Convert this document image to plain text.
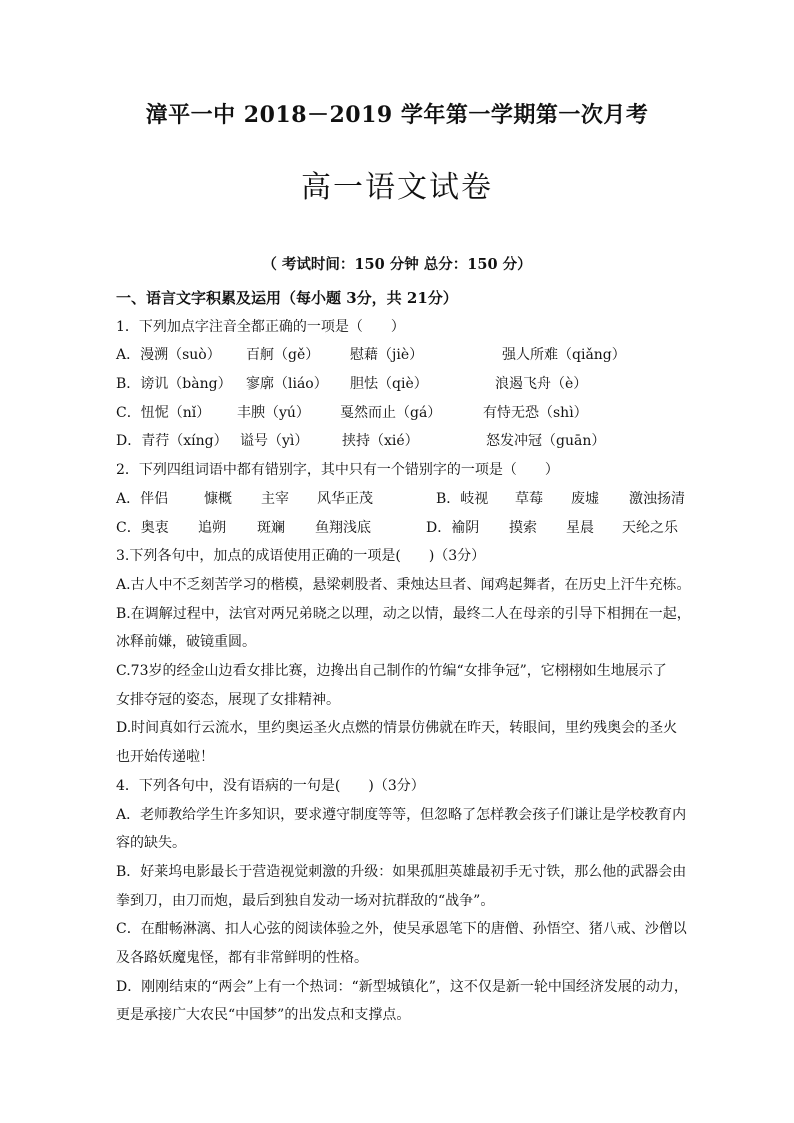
漳平一中 2018－2019 学年第一学期第一次月考
高一语文试卷
（ 考试时间：150 分钟 总分：150 分）
一、语言文字积累及运用（每小题 3分，共 21分）
1．下列加点字注音全都正确的一项是（　　）
A．漫溯（suò） 百舸（gě） 慰藉（jiè）	强人所难（qiǎng）
B．谤讥（bàng） 寥廓（liáo） 胆怯（qiè）	浪遏飞舟（è）
C．忸怩（nǐ） 丰腴（yú） 戛然而止（gá）	有恃无恐（shì）
D．青荇（xíng） 谥号（yì） 挟持（xié）	怒发冲冠（guān）
2．下列四组词语中都有错别字，其中只有一个错别字的一项是（　　）
A．伴侣	慷概 主宰 风华正茂	B．岐视 草莓 废墟 激浊扬清
C．奥衷 追朔 斑斓 鱼翔浅底	D．褕阴 摸索 星晨 天纶之乐
3.下列各句中，加点的成语使用正确的一项是(　　)（3分）
A.古人中不乏刻苦学习的楷模，悬梁刺股者、秉烛达旦者、闻鸡起舞者，在历史上汗牛充栋。
B.在调解过程中，法官对两兄弟晓之以理，动之以情，最终二人在母亲的引导下相拥在一起，
冰释前嫌，破镜重圆。
C.73岁的经金山边看女排比赛，边搀出自己制作的竹编“女排争冠”，它栩栩如生地展示了
女排夺冠的姿态，展现了女排精神。
D.时间真如行云流水，里约奥运圣火点燃的情景仿佛就在昨天，转眼间，里约残奥会的圣火
也开始传递啦！
4．下列各句中，没有语病的一句是(　　)（3分）
A．老师教给学生许多知识，要求遵守制度等等，但忽略了怎样教会孩子们谦让是学校教育内
容的缺失。
B．好莱坞电影最长于营造视觉刺激的升级：如果孤胆英雄最初手无寸铁，那么他的武器会由
拳到刀，由刀而炮，最后到独自发动一场对抗群敌的“战争”。
C．在酣畅淋漓、扣人心弦的阅读体验之外，使吴承恩笔下的唐僧、孙悟空、猪八戒、沙僧以
及各路妖魔鬼怪，都有非常鲜明的性格。
D．刚刚结束的“两会”上有一个热词：“新型城镇化”，这不仅是新一轮中国经济发展的动力，
更是承接广大农民“中国梦”的出发点和支撑点。
